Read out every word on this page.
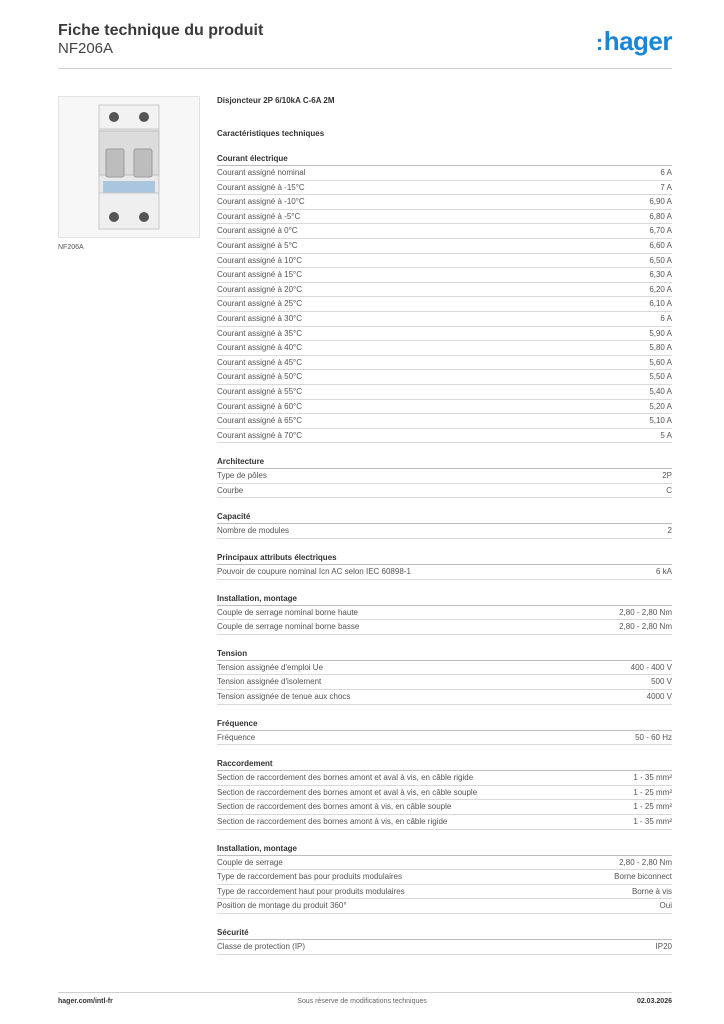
Fiche technique du produit
NF206A	:hager
NF206A
Disjoncteur 2P 6/10kA C-6A 2M
Caractéristiques techniques
Courant électrique
Courant assigné nominal	6 A
Courant assigné à -15°C	7 A
Courant assigné à -10°C	6,90 A
Courant assigné à -5°C	6,80 A
Courant assigné à 0°C	6,70 A
Courant assigné à 5°C	6,60 A
Courant assigné à 10°C	6,50 A
Courant assigné à 15°C	6,30 A
Courant assigné à 20°C	6,20 A
Courant assigné à 25°C	6,10 A
Courant assigné à 30°C	6 A
Courant assigné à 35°C	5,90 A
Courant assigné à 40°C	5,80 A
Courant assigné à 45°C	5,60 A
Courant assigné à 50°C	5,50 A
Courant assigné à 55°C	5,40 A
Courant assigné à 60°C	5,20 A
Courant assigné à 65°C	5,10 A
Courant assigné à 70°C	5 A
Architecture
Type de pôles	2P
Courbe	C
Capacité
Nombre de modules	2
Principaux attributs électriques
Pouvoir de coupure nominal Icn AC selon IEC 60898-1	6 kA
Installation, montage
Couple de serrage nominal borne haute	2,80 - 2,80 Nm
Couple de serrage nominal borne basse	2,80 - 2,80 Nm
Tension
Tension assignée d'emploi Ue	400 - 400 V
Tension assignée d'isolement	500 V
Tension assignée de tenue aux chocs	4000 V
Fréquence
Fréquence	50 - 60 Hz
Raccordement
Section de raccordement des bornes amont et aval à vis, en câble rigide	1 - 35 mm²
Section de raccordement des bornes amont et aval à vis, en câble souple	1 - 25 mm²
Section de raccordement des bornes amont à vis, en câble souple	1 - 25 mm²
Section de raccordement des bornes amont à vis, en câble rigide	1 - 35 mm²
Installation, montage
Couple de serrage	2,80 - 2,80 Nm
Type de raccordement bas pour produits modulaires	Borne biconnect
Type de raccordement haut pour produits modulaires	Borne à vis
Position de montage du produit 360°	Oui
Sécurité
Classe de protection (IP)	IP20
Sous réserve de modifications techniques
hager.com/intl-fr	02.03.2026
